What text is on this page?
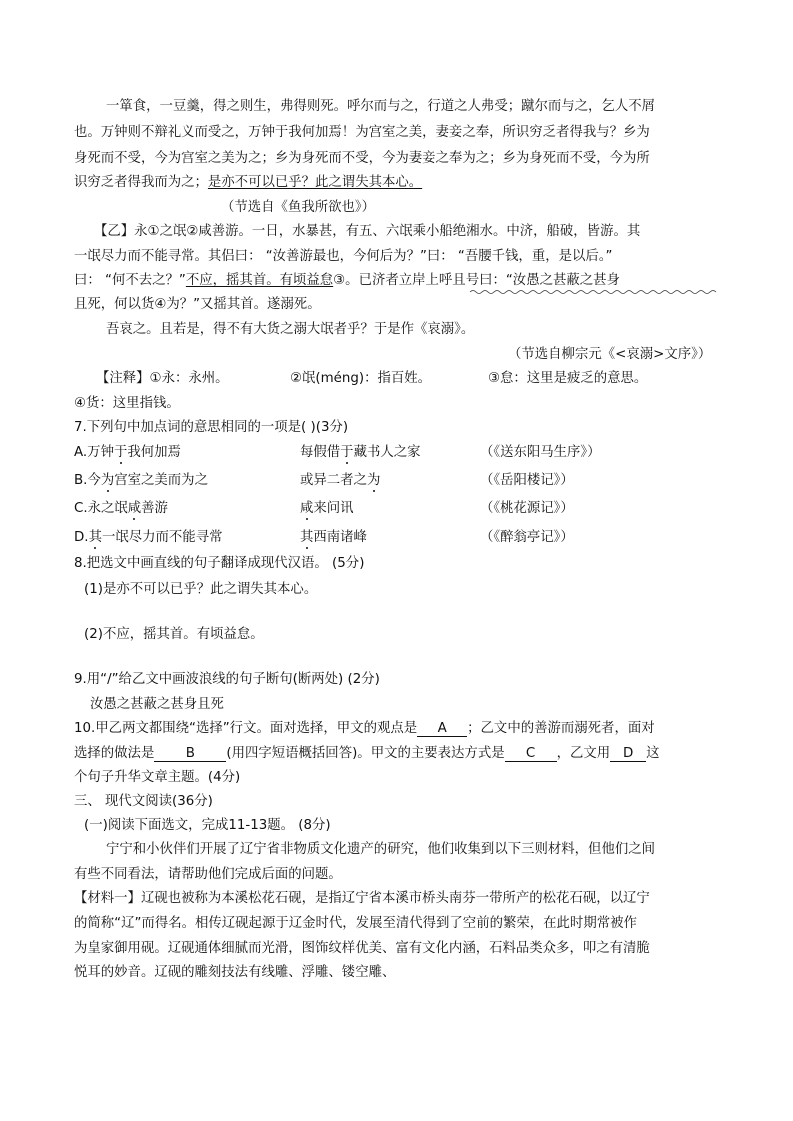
一箪食，一豆羹，得之则生，弗得则死。呼尔而与之，行道之人弗受；蹴尔而与之，乞人不屑
也。万钟则不辩礼义而受之，万钟于我何加焉！为宫室之美，妻妾之奉，所识穷乏者得我与？乡为
身死而不受，今为宫室之美为之；乡为身死而不受，今为妻妾之奉为之；乡为身死而不受，今为所
识穷乏者得我而为之；是亦不可以已乎？此之谓失其本心。
（节选自《鱼我所欲也》）
【乙】永①之氓②咸善游。一日，水暴甚，有五、六氓乘小船绝湘水。中济，船破，皆游。其
一氓尽力而不能寻常。其侣曰： “汝善游最也，今何后为？”曰： “吾腰千钱，重，是以后。”
曰： “何不去之？”不应，摇其首。有顷益怠③。已济者立岸上呼且号曰：“汝愚之甚蔽之甚身
且死，何以货④为？”又摇其首。遂溺死。
吾哀之。且若是，得不有大货之溺大氓者乎？于是作《哀溺》。
（节选自柳宗元《<哀溺>文序》）
【注释】①永：永州。	②氓(méng)：指百姓。	③怠：这里是疲乏的意思。
④货：这里指钱。
7.下列句中加点词的意思相同的一项是( )(3分)
A.万钟于我何加焉	每假借于藏书人之家	（《送东阳马生序》）
B.今为宫室之美而为之	或异二者之为	（《岳阳楼记》）
C.永之氓咸善游	咸来问讯	（《桃花源记》）
D.其一氓尽力而不能寻常	其西南诸峰	（《醉翁亭记》）
8.把选文中画直线的句子翻译成现代汉语。 (5分)
(1)是亦不可以已乎？此之谓失其本心。
(2)不应，摇其首。有顷益怠。
9.用“/”给乙文中画波浪线的句子断句(断两处) (2分)
汝愚之甚蔽之甚身且死
10.甲乙两文都围绕“选择”行文。面对选择，甲文的观点是 A ；乙文中的善游而溺死者，面对
选择的做法是 B (用四字短语概括回答)。甲文的主要表达方式是 C ，乙文用 D 这
个句子升华文章主题。(4分)
三、 现代文阅读(36分)
(一)阅读下面选文，完成11-13题。 (8分)
宁宁和小伙伴们开展了辽宁省非物质文化遗产的研究，他们收集到以下三则材料，但他们之间
有些不同看法，请帮助他们完成后面的问题。
【材料一】辽砚也被称为本溪松花石砚，是指辽宁省本溪市桥头南芬一带所产的松花石砚，以辽宁
的简称“辽”而得名。相传辽砚起源于辽金时代，发展至清代得到了空前的繁荣，在此时期常被作
为皇家御用砚。辽砚通体细腻而光滑，图饰纹样优美、富有文化内涵，石料品类众多，叩之有清脆
悦耳的妙音。辽砚的雕刻技法有线雕、浮雕、镂空雕、
